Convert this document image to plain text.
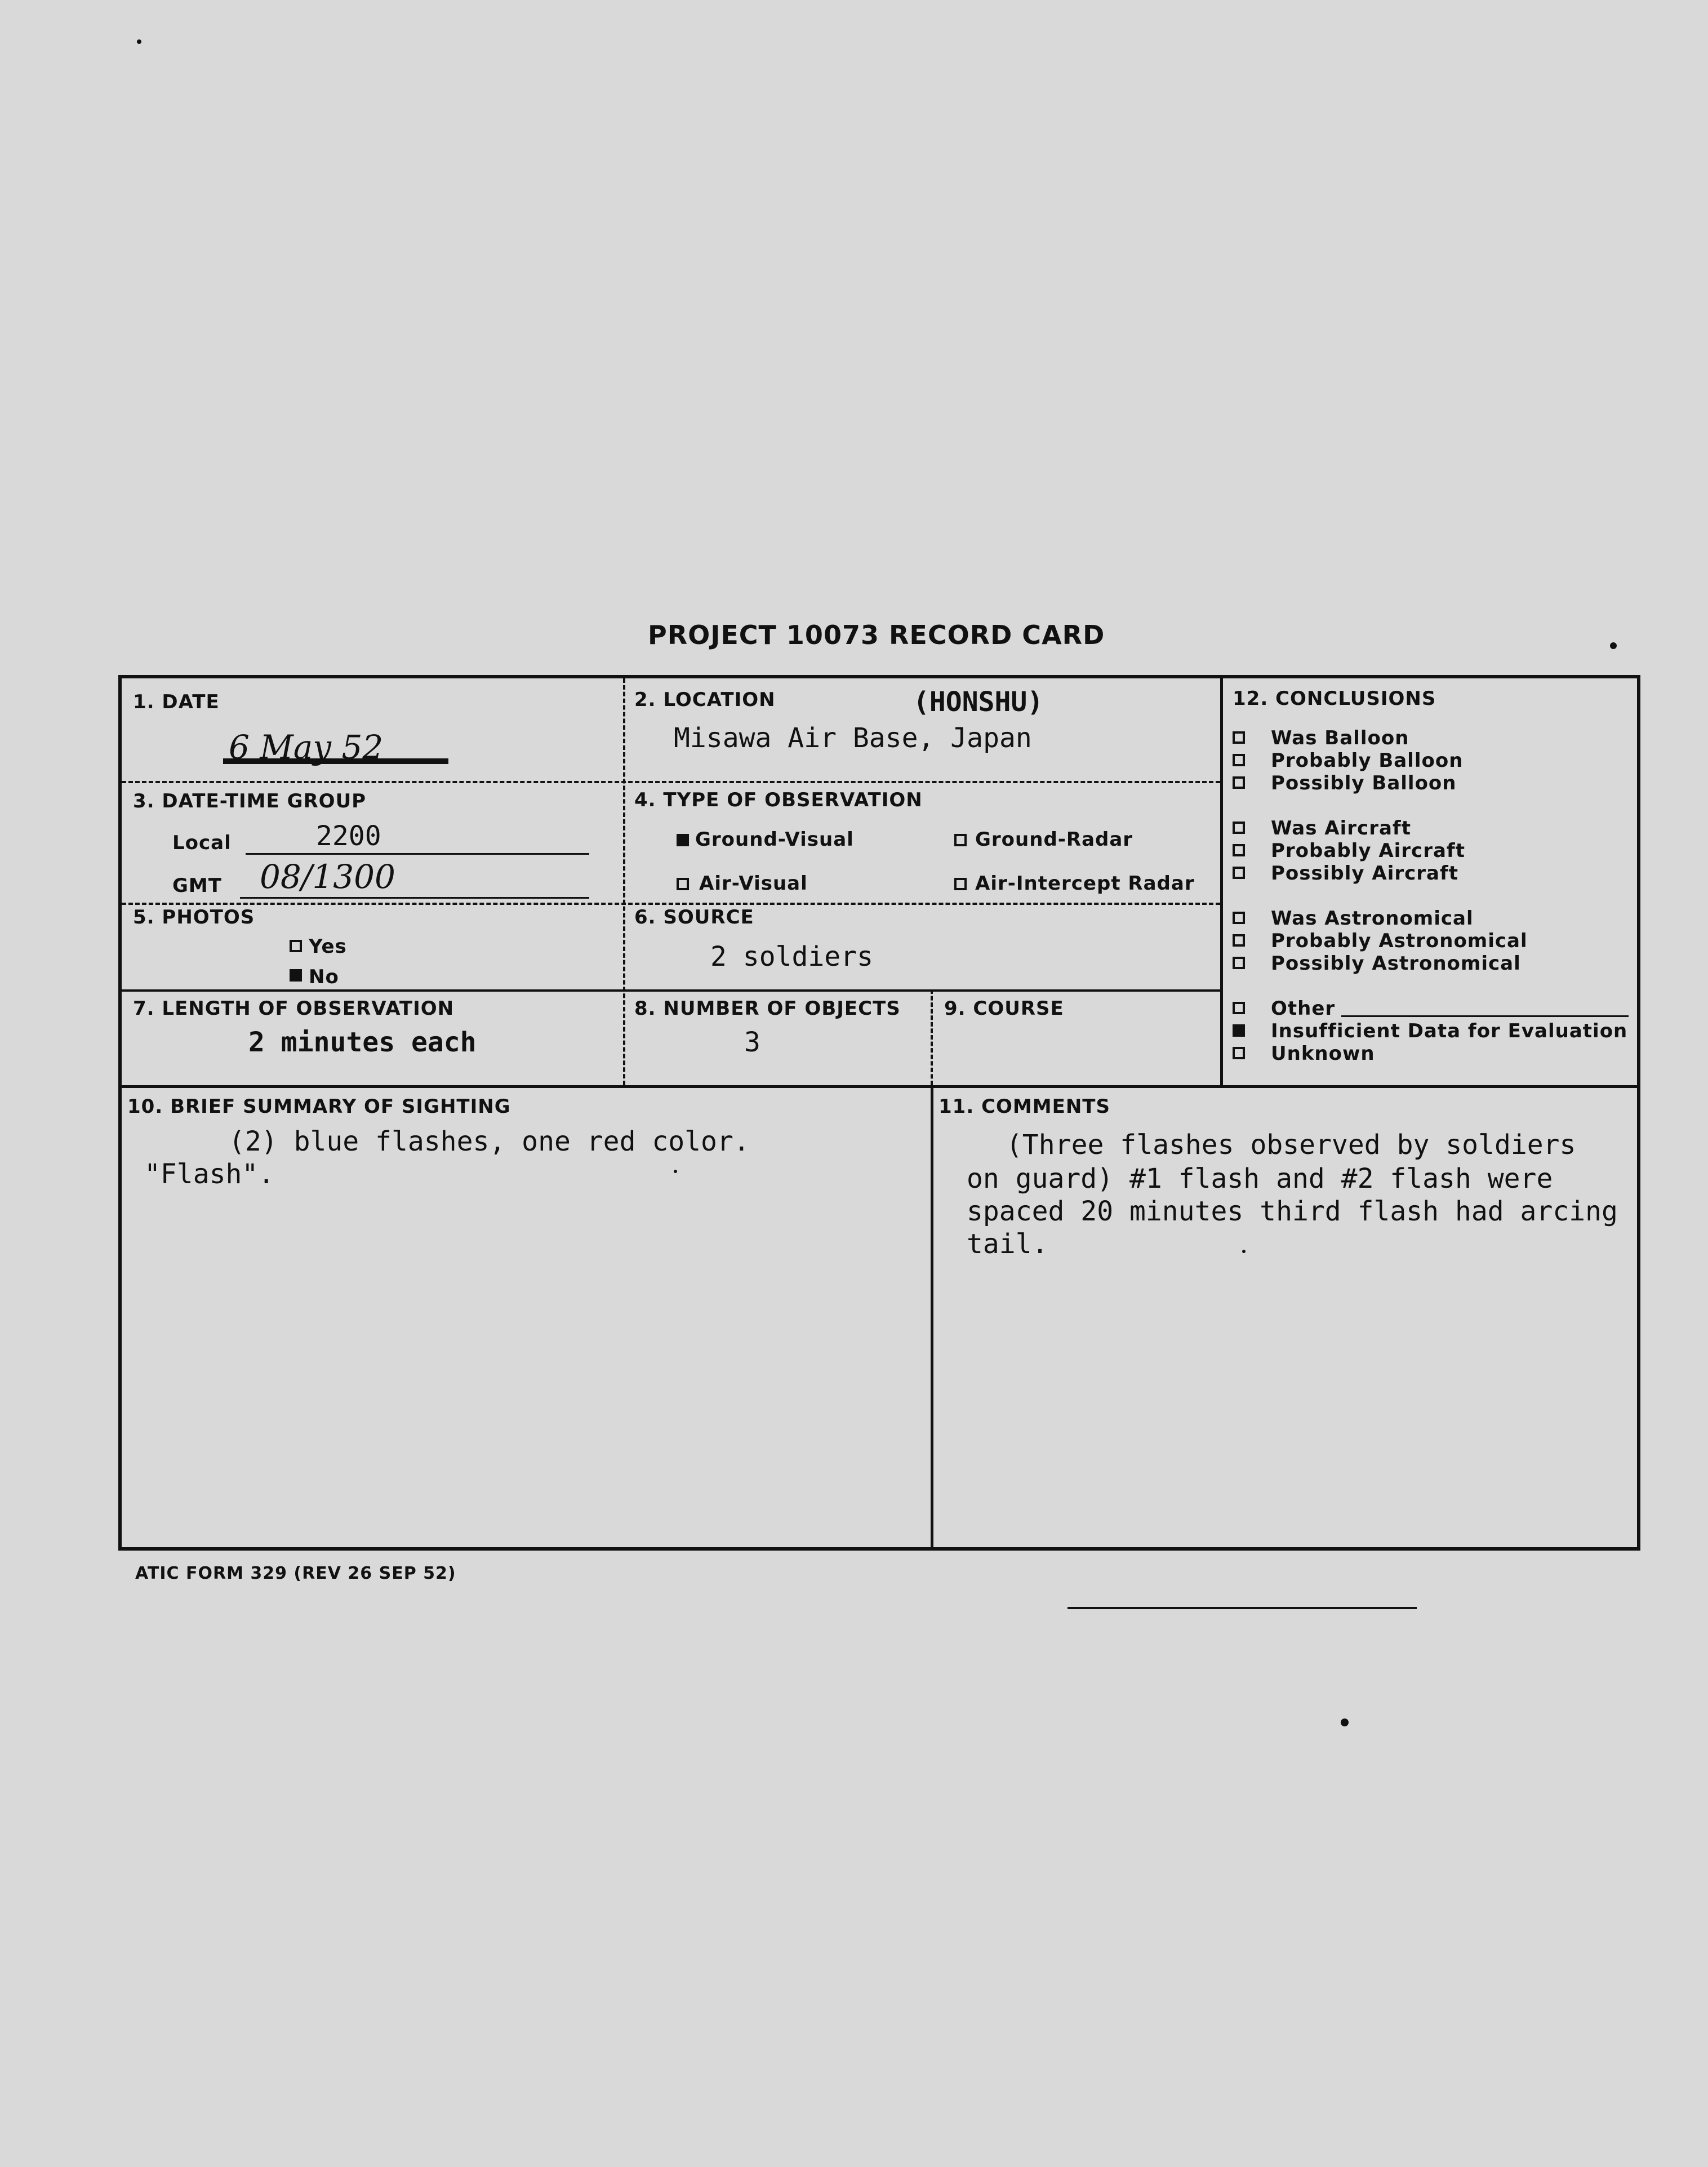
PROJECT 10073 RECORD CARD
1. DATE
6 May 52
2. LOCATION	(HONSHU)
Misawa Air Base, Japan
3. DATE-TIME GROUP
Local	2200
GMT 08/1300
4. TYPE OF OBSERVATION
Ground-Visual	Ground-Radar
Air-Visual	Air-Intercept Radar
5. PHOTOS
Yes
No
6. SOURCE
2 soldiers
7. LENGTH OF OBSERVATION
2 minutes each
8. NUMBER OF OBJECTS
3
9. COURSE
12. CONCLUSIONS
Was Balloon
Probably Balloon
Possibly Balloon
Was Aircraft
Probably Aircraft
Possibly Aircraft
Was Astronomical
Probably Astronomical
Possibly Astronomical
Other
Insufficient Data for Evaluation
Unknown
10. BRIEF SUMMARY OF SIGHTING
(2) blue flashes, one red color.
"Flash".
11. COMMENTS
(Three flashes observed by soldiers
on guard) #1 flash and #2 flash were
spaced 20 minutes third flash had arcing
tail.
ATIC FORM 329 (REV 26 SEP 52)
